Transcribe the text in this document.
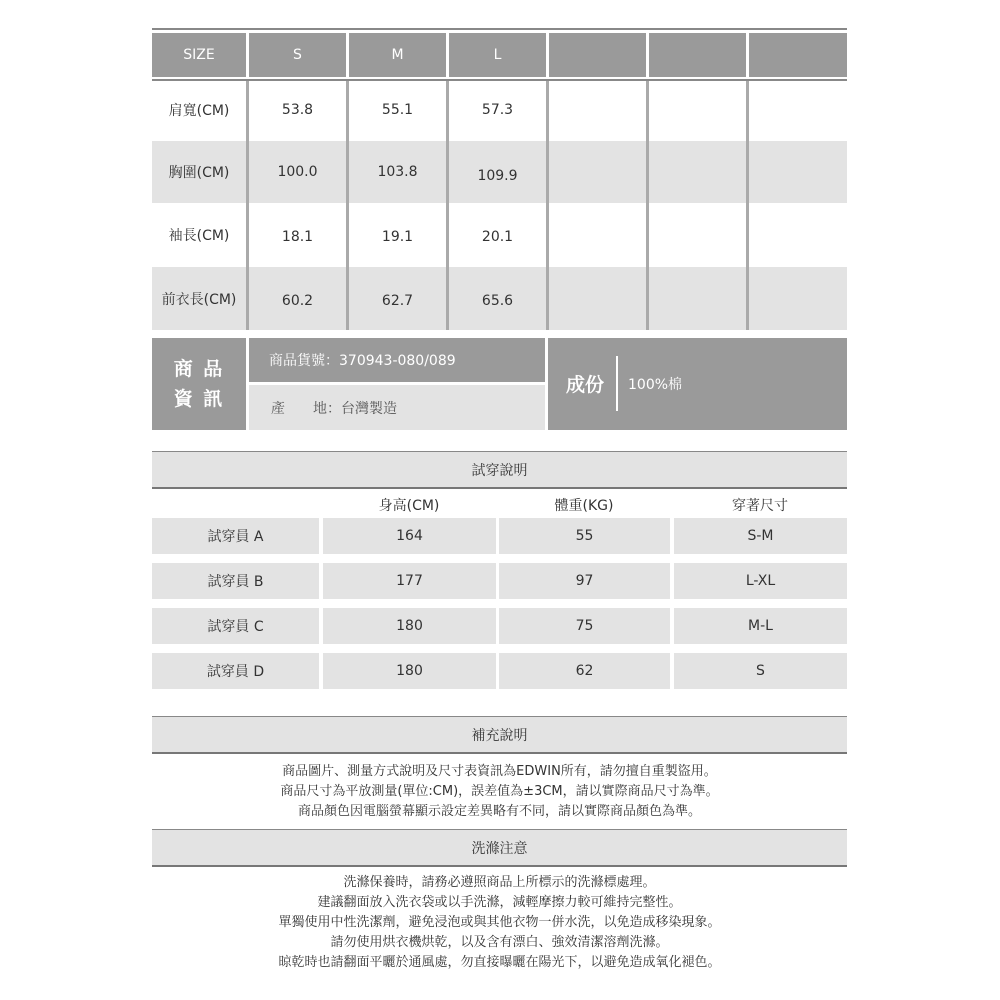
SIZE	S	M	L
肩寬(CM)	53.8	55.1	57.3
胸圍(CM)	100.0	103.8	109.9
袖長(CM)	18.1	19.1	20.1
前衣長(CM)	60.2	62.7	65.6
商 品
資 訊
商品貨號：370943-080/089
產　　地：台灣製造
成份 100%棉
試穿說明
身高(CM)	體重(KG)	穿著尺寸
試穿員 A	164	55	S-M
試穿員 B	177	97	L-XL
試穿員 C	180	75	M-L
試穿員 D	180	62	S
補充說明
商品圖片、測量方式說明及尺寸表資訊為EDWIN所有，請勿擅自重製盜用。
商品尺寸為平放測量(單位:CM)，誤差值為±3CM，請以實際商品尺寸為準。
商品顏色因電腦螢幕顯示設定差異略有不同，請以實際商品顏色為準。
洗滌注意
洗滌保養時，請務必遵照商品上所標示的洗滌標處理。
建議翻面放入洗衣袋或以手洗滌，減輕摩擦力較可維持完整性。
單獨使用中性洗潔劑，避免浸泡或與其他衣物一併水洗，以免造成移染現象。
請勿使用烘衣機烘乾，以及含有漂白、強效清潔溶劑洗滌。
晾乾時也請翻面平曬於通風處，勿直接曝曬在陽光下，以避免造成氧化褪色。
